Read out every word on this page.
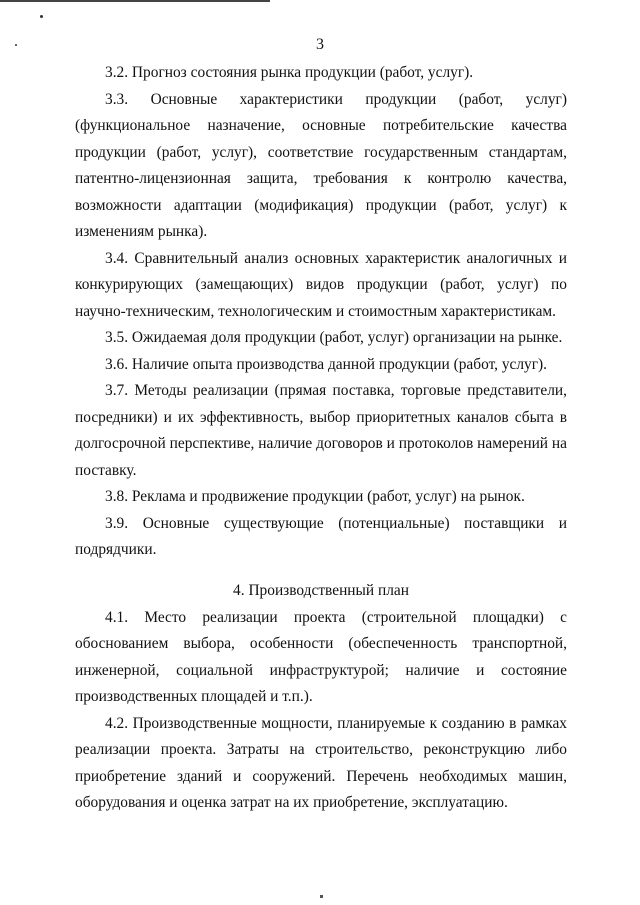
3

3.2. Прогноз состояния рынка продукции (работ, услуг).

3.3. Основные характеристики продукции (работ, услуг) (функциональное назначение, основные потребительские качества продукции (работ, услуг), соответствие государственным стандартам, патентно-лицензионная защита, требования к контролю качества, возможности адаптации (модификация) продукции (работ, услуг) к изменениям рынка).

3.4. Сравнительный анализ основных характеристик аналогичных и конкурирующих (замещающих) видов продукции (работ, услуг) по научно-техническим, технологическим и стоимостным характеристикам.

3.5. Ожидаемая доля продукции (работ, услуг) организации на рынке.

3.6. Наличие опыта производства данной продукции (работ, услуг).

3.7. Методы реализации (прямая поставка, торговые представители, посредники) и их эффективность, выбор приоритетных каналов сбыта в долгосрочной перспективе, наличие договоров и протоколов намерений на поставку.

3.8. Реклама и продвижение продукции (работ, услуг) на рынок.

3.9. Основные существующие (потенциальные) поставщики и подрядчики.

4. Производственный план

4.1. Место реализации проекта (строительной площадки) с обоснованием выбора, особенности (обеспеченность транспортной, инженерной, социальной инфраструктурой; наличие и состояние производственных площадей и т.п.).

4.2. Производственные мощности, планируемые к созданию в рамках реализации проекта. Затраты на строительство, реконструкцию либо приобретение зданий и сооружений. Перечень необходимых машин, оборудования и оценка затрат на их приобретение, эксплуатацию.
